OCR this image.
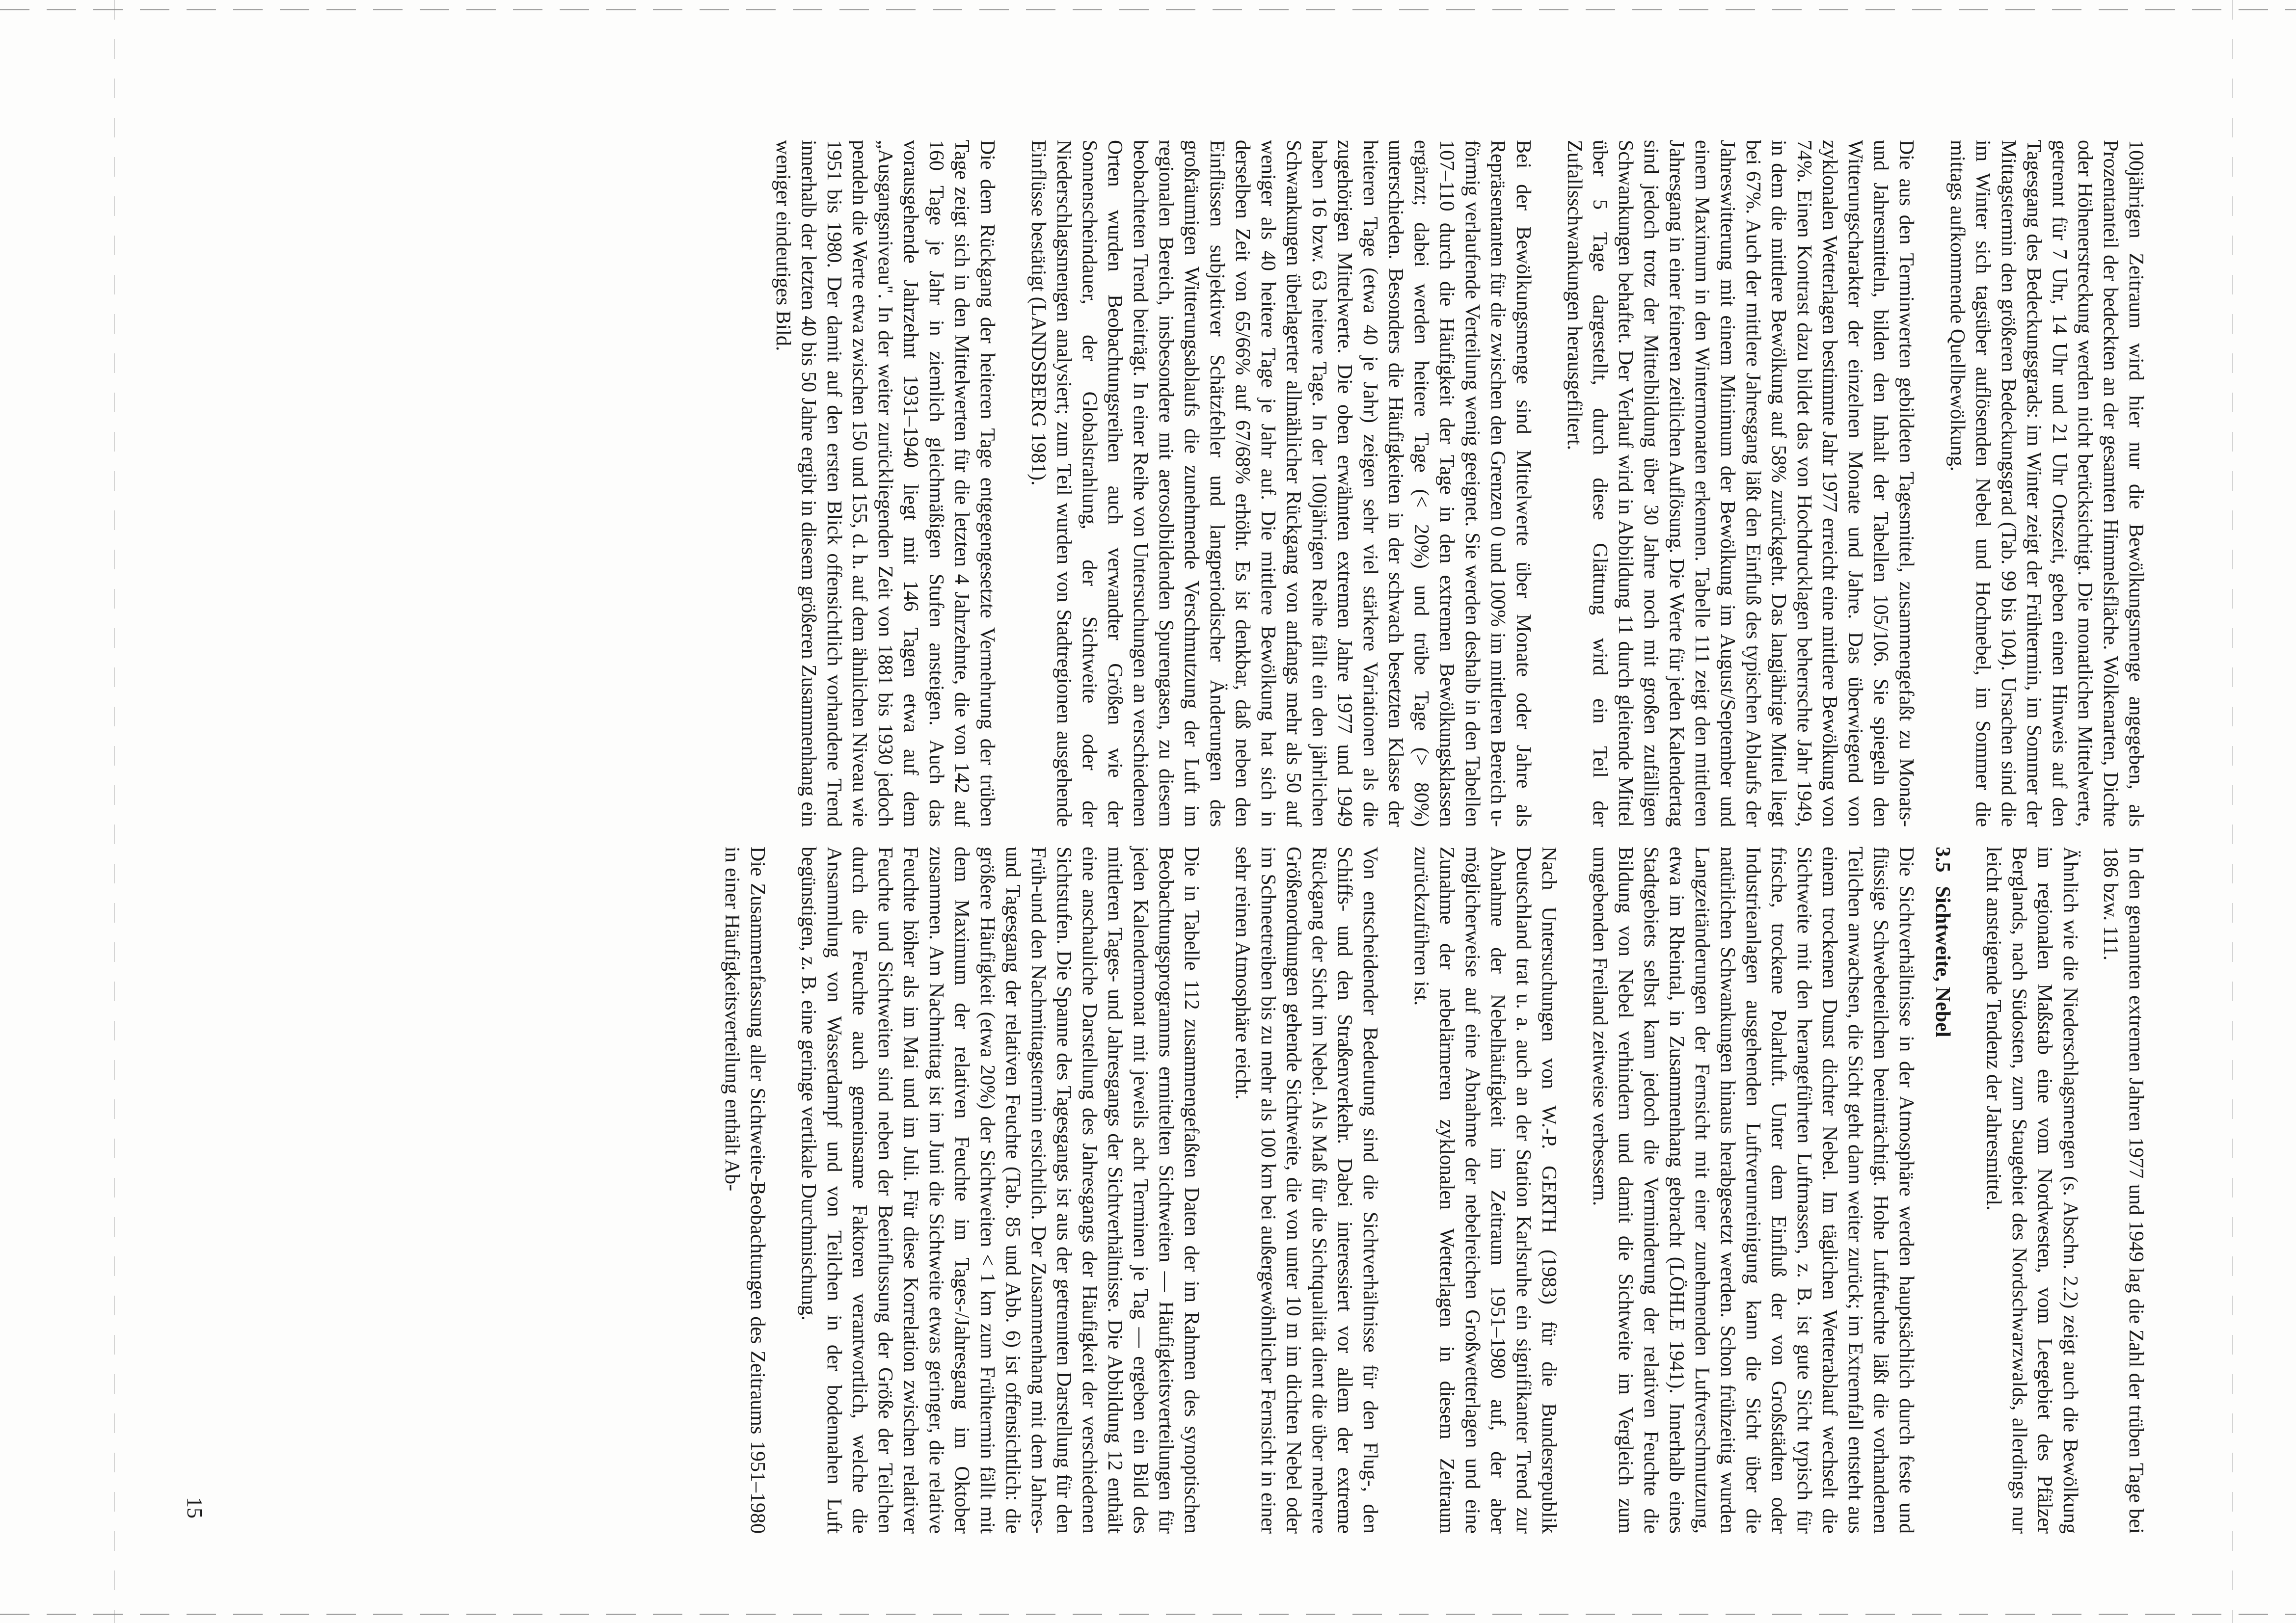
100jährigen Zeitraum wird hier nur die Bewölkungsmenge angegeben, als Prozentanteil der bedeckten an der gesamten Himmelsfläche. Wolkenarten, Dichte oder Höhenerstreckung werden nicht berücksichtigt. Die monatlichen Mittelwerte, getrennt für 7 Uhr, 14 Uhr und 21 Uhr Ortszeit, geben einen Hinweis auf den Tagesgang des Bedeckungsgrads: im Winter zeigt der Frühtermin, im Sommer der Mittagstermin den größeren Bedeckungsgrad (Tab. 99 bis 104). Ursachen sind die im Winter sich tagsüber auflösenden Nebel und Hochnebel, im Sommer die mittags aufkommende Quellbewölkung.

Die aus den Terminwerten gebildeten Tagesmittel, zusammengefaßt zu Monats- und Jahresmitteln, bilden den Inhalt der Tabellen 105/106. Sie spiegeln den Witterungscharakter der einzelnen Monate und Jahre. Das überwiegend von zyklonalen Wetterlagen bestimmte Jahr 1977 erreicht eine mittlere Bewölkung von 74%. Einen Kontrast dazu bildet das von Hochdrucklagen beherrschte Jahr 1949, in dem die mittlere Bewölkung auf 58% zurückgeht. Das langjährige Mittel liegt bei 67%. Auch der mittlere Jahresgang läßt den Einfluß des typischen Ablaufs der Jahreswitterung mit einem Minimum der Bewölkung im August/September und einem Maximum in den Wintermonaten erkennen. Tabelle 111 zeigt den mittleren Jahresgang in einer feineren zeitlichen Auflösung. Die Werte für jeden Kalendertag sind jedoch trotz der Mittelbildung über 30 Jahre noch mit großen zufälligen Schwankungen behaftet. Der Verlauf wird in Abbildung 11 durch gleitende Mittel über 5 Tage dargestellt, durch diese Glättung wird ein Teil der Zufallsschwankungen herausgefiltert.

Bei der Bewölkungsmenge sind Mittelwerte über Monate oder Jahre als Repräsentanten für die zwischen den Grenzen 0 und 100% im mittleren Bereich u-förmig verlaufende Verteilung wenig geeignet. Sie werden deshalb in den Tabellen 107–110 durch die Häufigkeit der Tage in den extremen Bewölkungsklassen ergänzt; dabei werden heitere Tage (< 20%) und trübe Tage (> 80%) unterschieden. Besonders die Häufigkeiten in der schwach besetzten Klasse der heiteren Tage (etwa 40 je Jahr) zeigen sehr viel stärkere Variationen als die zugehörigen Mittelwerte. Die oben erwähnten extremen Jahre 1977 und 1949 haben 16 bzw. 63 heitere Tage. In der 100jährigen Reihe fällt ein den jährlichen Schwankungen überlagerter allmählicher Rückgang von anfangs mehr als 50 auf weniger als 40 heitere Tage je Jahr auf. Die mittlere Bewölkung hat sich in derselben Zeit von 65/66% auf 67/68% erhöht. Es ist denkbar, daß neben den Einflüssen subjektiver Schätzfehler und langperiodischer Änderungen des großräumigen Witterungsablaufs die zunehmende Verschmutzung der Luft im regionalen Bereich, insbesondere mit aerosolbildenden Spurengasen, zu diesem beobachteten Trend beiträgt. In einer Reihe von Untersuchungen an verschiedenen Orten wurden Beobachtungsreihen auch verwandter Größen wie der Sonnenscheindauer, der Globalstrahlung, der Sichtweite oder der Niederschlagsmengen analysiert; zum Teil wurden von Stadtregionen ausgehende Einflüsse bestätigt (LANDSBERG 1981).

Die dem Rückgang der heiteren Tage entgegengesetzte Vermehrung der trüben Tage zeigt sich in den Mittelwerten für die letzten 4 Jahrzehnte, die von 142 auf 160 Tage je Jahr in ziemlich gleichmäßigen Stufen ansteigen. Auch das vorausgehende Jahrzehnt 1931–1940 liegt mit 146 Tagen etwa auf dem „Ausgangsniveau". In der weiter zurückliegenden Zeit von 1881 bis 1930 jedoch pendeln die Werte etwa zwischen 150 und 155, d. h. auf dem ähnlichen Niveau wie 1951 bis 1980. Der damit auf den ersten Blick offensichtlich vorhandene Trend innerhalb der letzten 40 bis 50 Jahre ergibt in diesem größeren Zusammenhang ein weniger eindeutiges Bild.

In den genannten extremen Jahren 1977 und 1949 lag die Zahl der trüben Tage bei 186 bzw. 111.

Ähnlich wie die Niederschlagsmengen (s. Abschn. 2.2) zeigt auch die Bewölkung im regionalen Maßstab eine vom Nordwesten, vom Leegebiet des Pfälzer Berglands, nach Südosten, zum Staugebiet des Nordschwarzwalds, allerdings nur leicht ansteigende Tendenz der Jahresmittel.

3.5Sichtweite, Nebel

Die Sichtverhältnisse in der Atmosphäre werden hauptsächlich durch feste und flüssige Schwebeteilchen beeinträchtigt. Hohe Luftfeuchte läßt die vorhandenen Teilchen anwachsen, die Sicht geht dann weiter zurück; im Extremfall entsteht aus einem trockenen Dunst dichter Nebel. Im täglichen Wetterablauf wechselt die Sichtweite mit den herangeführten Luftmassen, z. B. ist gute Sicht typisch für frische, trockene Polarluft. Unter dem Einfluß der von Großstädten oder Industrieanlagen ausgehenden Luftverunreinigung kann die Sicht über die natürlichen Schwankungen hinaus herabgesetzt werden. Schon frühzeitig wurden Langzeitänderungen der Fernsicht mit einer zunehmenden Luftverschmutzung, etwa im Rheintal, in Zusammenhang gebracht (LÖHLE 1941). Innerhalb eines Stadtgebiets selbst kann jedoch die Verminderung der relativen Feuchte die Bildung von Nebel verhindern und damit die Sichtweite im Vergleich zum umgebenden Freiland zeitweise verbessern.

Nach Untersuchungen von W.-P. GERTH (1983) für die Bundesrepublik Deutschland trat u. a. auch an der Station Karlsruhe ein signifikanter Trend zur Abnahme der Nebelhäufigkeit im Zeitraum 1951–1980 auf, der aber möglicherweise auf eine Abnahme der nebelreichen Großwetterlagen und eine Zunahme der nebelärmeren zyklonalen Wetterlagen in diesem Zeitraum zurückzuführen ist.

Von entscheidender Bedeutung sind die Sichtverhältnisse für den Flug-, den Schiffs- und den Straßenverkehr. Dabei interessiert vor allem der extreme Rückgang der Sicht im Nebel. Als Maß für die Sichtqualität dient die über mehrere Größenordnungen gehende Sichtweite, die von unter 10 m im dichten Nebel oder im Schneetreiben bis zu mehr als 100 km bei außergewöhnlicher Fernsicht in einer sehr reinen Atmosphäre reicht.

Die in Tabelle 112 zusammengefaßten Daten der im Rahmen des synoptischen Beobachtungsprogramms ermittelten Sichtweiten — Häufigkeitsverteilungen für jeden Kalendermonat mit jeweils acht Terminen je Tag — ergeben ein Bild des mittleren Tages- und Jahresgangs der Sichtverhältnisse. Die Abbildung 12 enthält eine anschauliche Darstellung des Jahresgangs der Häufigkeit der verschiedenen Sichtstufen. Die Spanne des Tagesgangs ist aus der getrennten Darstellung für den Früh-und den Nachmittagstermin ersichtlich. Der Zusammenhang mit dem Jahres- und Tagesgang der relativen Feuchte (Tab. 85 und Abb. 6) ist offensichtlich: die größere Häufigkeit (etwa 20%) der Sichtweiten < 1 km zum Frühtermin fällt mit dem Maximum der relativen Feuchte im Tages-/Jahresgang im Oktober zusammen. Am Nachmittag ist im Juni die Sichtweite etwas geringer, die relative Feuchte höher als im Mai und im Juli. Für diese Korrelation zwischen relativer Feuchte und Sichtweiten sind neben der Beeinflussung der Größe der Teilchen durch die Feuchte auch gemeinsame Faktoren verantwortlich, welche die Ansammlung von Wasserdampf und von Teilchen in der bodennahen Luft begünstigen, z. B. eine geringe vertikale Durchmischung.

Die Zusammenfassung aller Sichtweite-Beobachtungen des Zeitraums 1951–1980 in einer Häufigkeitsverteilung enthält Ab-

15
